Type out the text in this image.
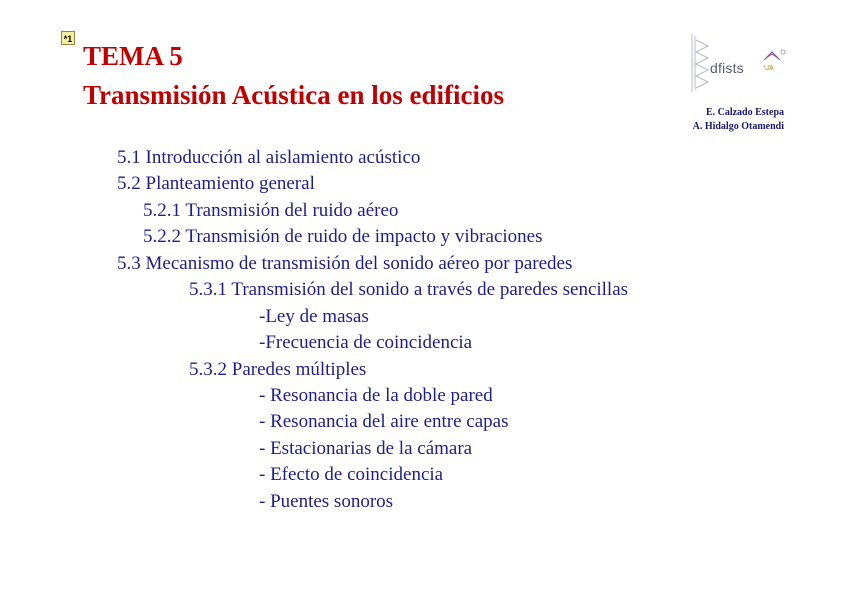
*1
TEMA 5
Transmisión Acústica en los edificios
dfists	UA
E. Calzado Estepa
A. Hidalgo Otamendi
5.1 Introducción al aislamiento acústico
5.2 Planteamiento general
5.2.1 Transmisión del ruido aéreo
5.2.2 Transmisión de ruido de impacto y vibraciones
5.3 Mecanismo de transmisión del sonido aéreo por paredes
5.3.1 Transmisión del sonido a través de paredes sencillas
-Ley de masas
-Frecuencia de coincidencia
5.3.2 Paredes múltiples
- Resonancia de la doble pared
- Resonancia del aire entre capas
- Estacionarias de la cámara
- Efecto de coincidencia
- Puentes sonoros
